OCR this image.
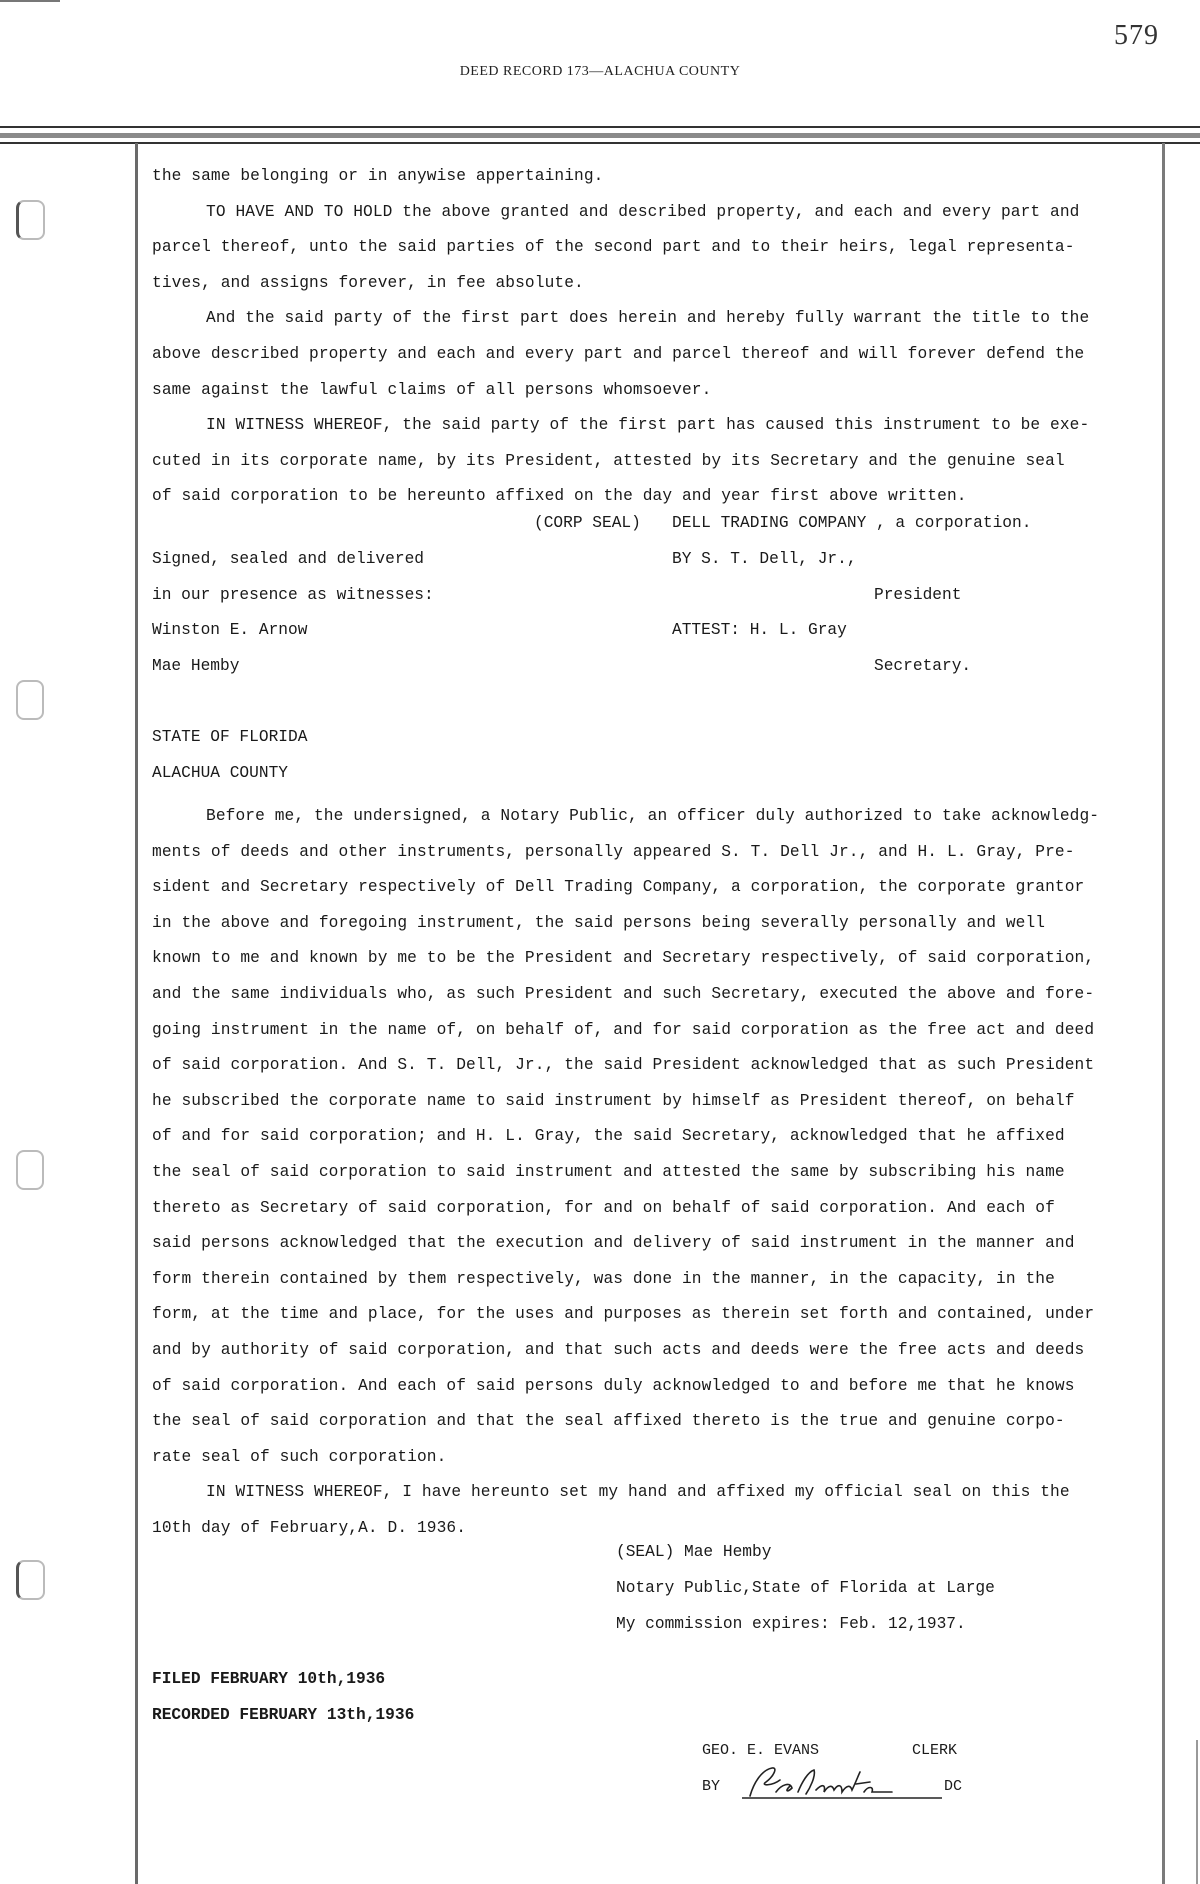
579
DEED RECORD 173—ALACHUA COUNTY
the same belonging or in anywise appertaining.
TO HAVE AND TO HOLD the above granted and described property, and each and every part and
parcel thereof, unto the said parties of the second part and to their heirs, legal representa-
tives, and assigns forever, in fee absolute.
And the said party of the first part does herein and hereby fully warrant the title to the
above described property and each and every part and parcel thereof and will forever defend the
same against the lawful claims of all persons whomsoever.
IN WITNESS WHEREOF, the said party of the first part has caused this instrument to be exe-
cuted in its corporate name, by its President, attested by its Secretary and the genuine seal
of said corporation to be hereunto affixed on the day and year first above written.
(CORP SEAL) DELL TRADING COMPANY , a corporation.
Signed, sealed and delivered	BY S. T. Dell, Jr.,
in our presence as witnesses:	President
Winston E. Arnow	ATTEST: H. L. Gray
Mae Hemby	Secretary.
STATE OF FLORIDA
ALACHUA COUNTY
Before me, the undersigned, a Notary Public, an officer duly authorized to take acknowledg-
ments of deeds and other instruments, personally appeared S. T. Dell Jr., and H. L. Gray, Pre-
sident and Secretary respectively of Dell Trading Company, a corporation, the corporate grantor
in the above and foregoing instrument, the said persons being severally personally and well
known to me and known by me to be the President and Secretary respectively, of said corporation,
and the same individuals who, as such President and such Secretary, executed the above and fore-
going instrument in the name of, on behalf of, and for said corporation as the free act and deed
of said corporation. And S. T. Dell, Jr., the said President acknowledged that as such President
he subscribed the corporate name to said instrument by himself as President thereof, on behalf
of and for said corporation; and H. L. Gray, the said Secretary, acknowledged that he affixed
the seal of said corporation to said instrument and attested the same by subscribing his name
thereto as Secretary of said corporation, for and on behalf of said corporation. And each of
said persons acknowledged that the execution and delivery of said instrument in the manner and
form therein contained by them respectively, was done in the manner, in the capacity, in the
form, at the time and place, for the uses and purposes as therein set forth and contained, under
and by authority of said corporation, and that such acts and deeds were the free acts and deeds
of said corporation. And each of said persons duly acknowledged to and before me that he knows
the seal of said corporation and that the seal affixed thereto is the true and genuine corpo-
rate seal of such corporation.
IN WITNESS WHEREOF, I have hereunto set my hand and affixed my official seal on this the
10th day of February,A. D. 1936.
(SEAL) Mae Hemby
Notary Public,State of Florida at Large
My commission expires: Feb. 12,1937.
FILED FEBRUARY 10th,1936
RECORDED FEBRUARY 13th,1936
GEO. E. EVANS	CLERK
BY	DC
